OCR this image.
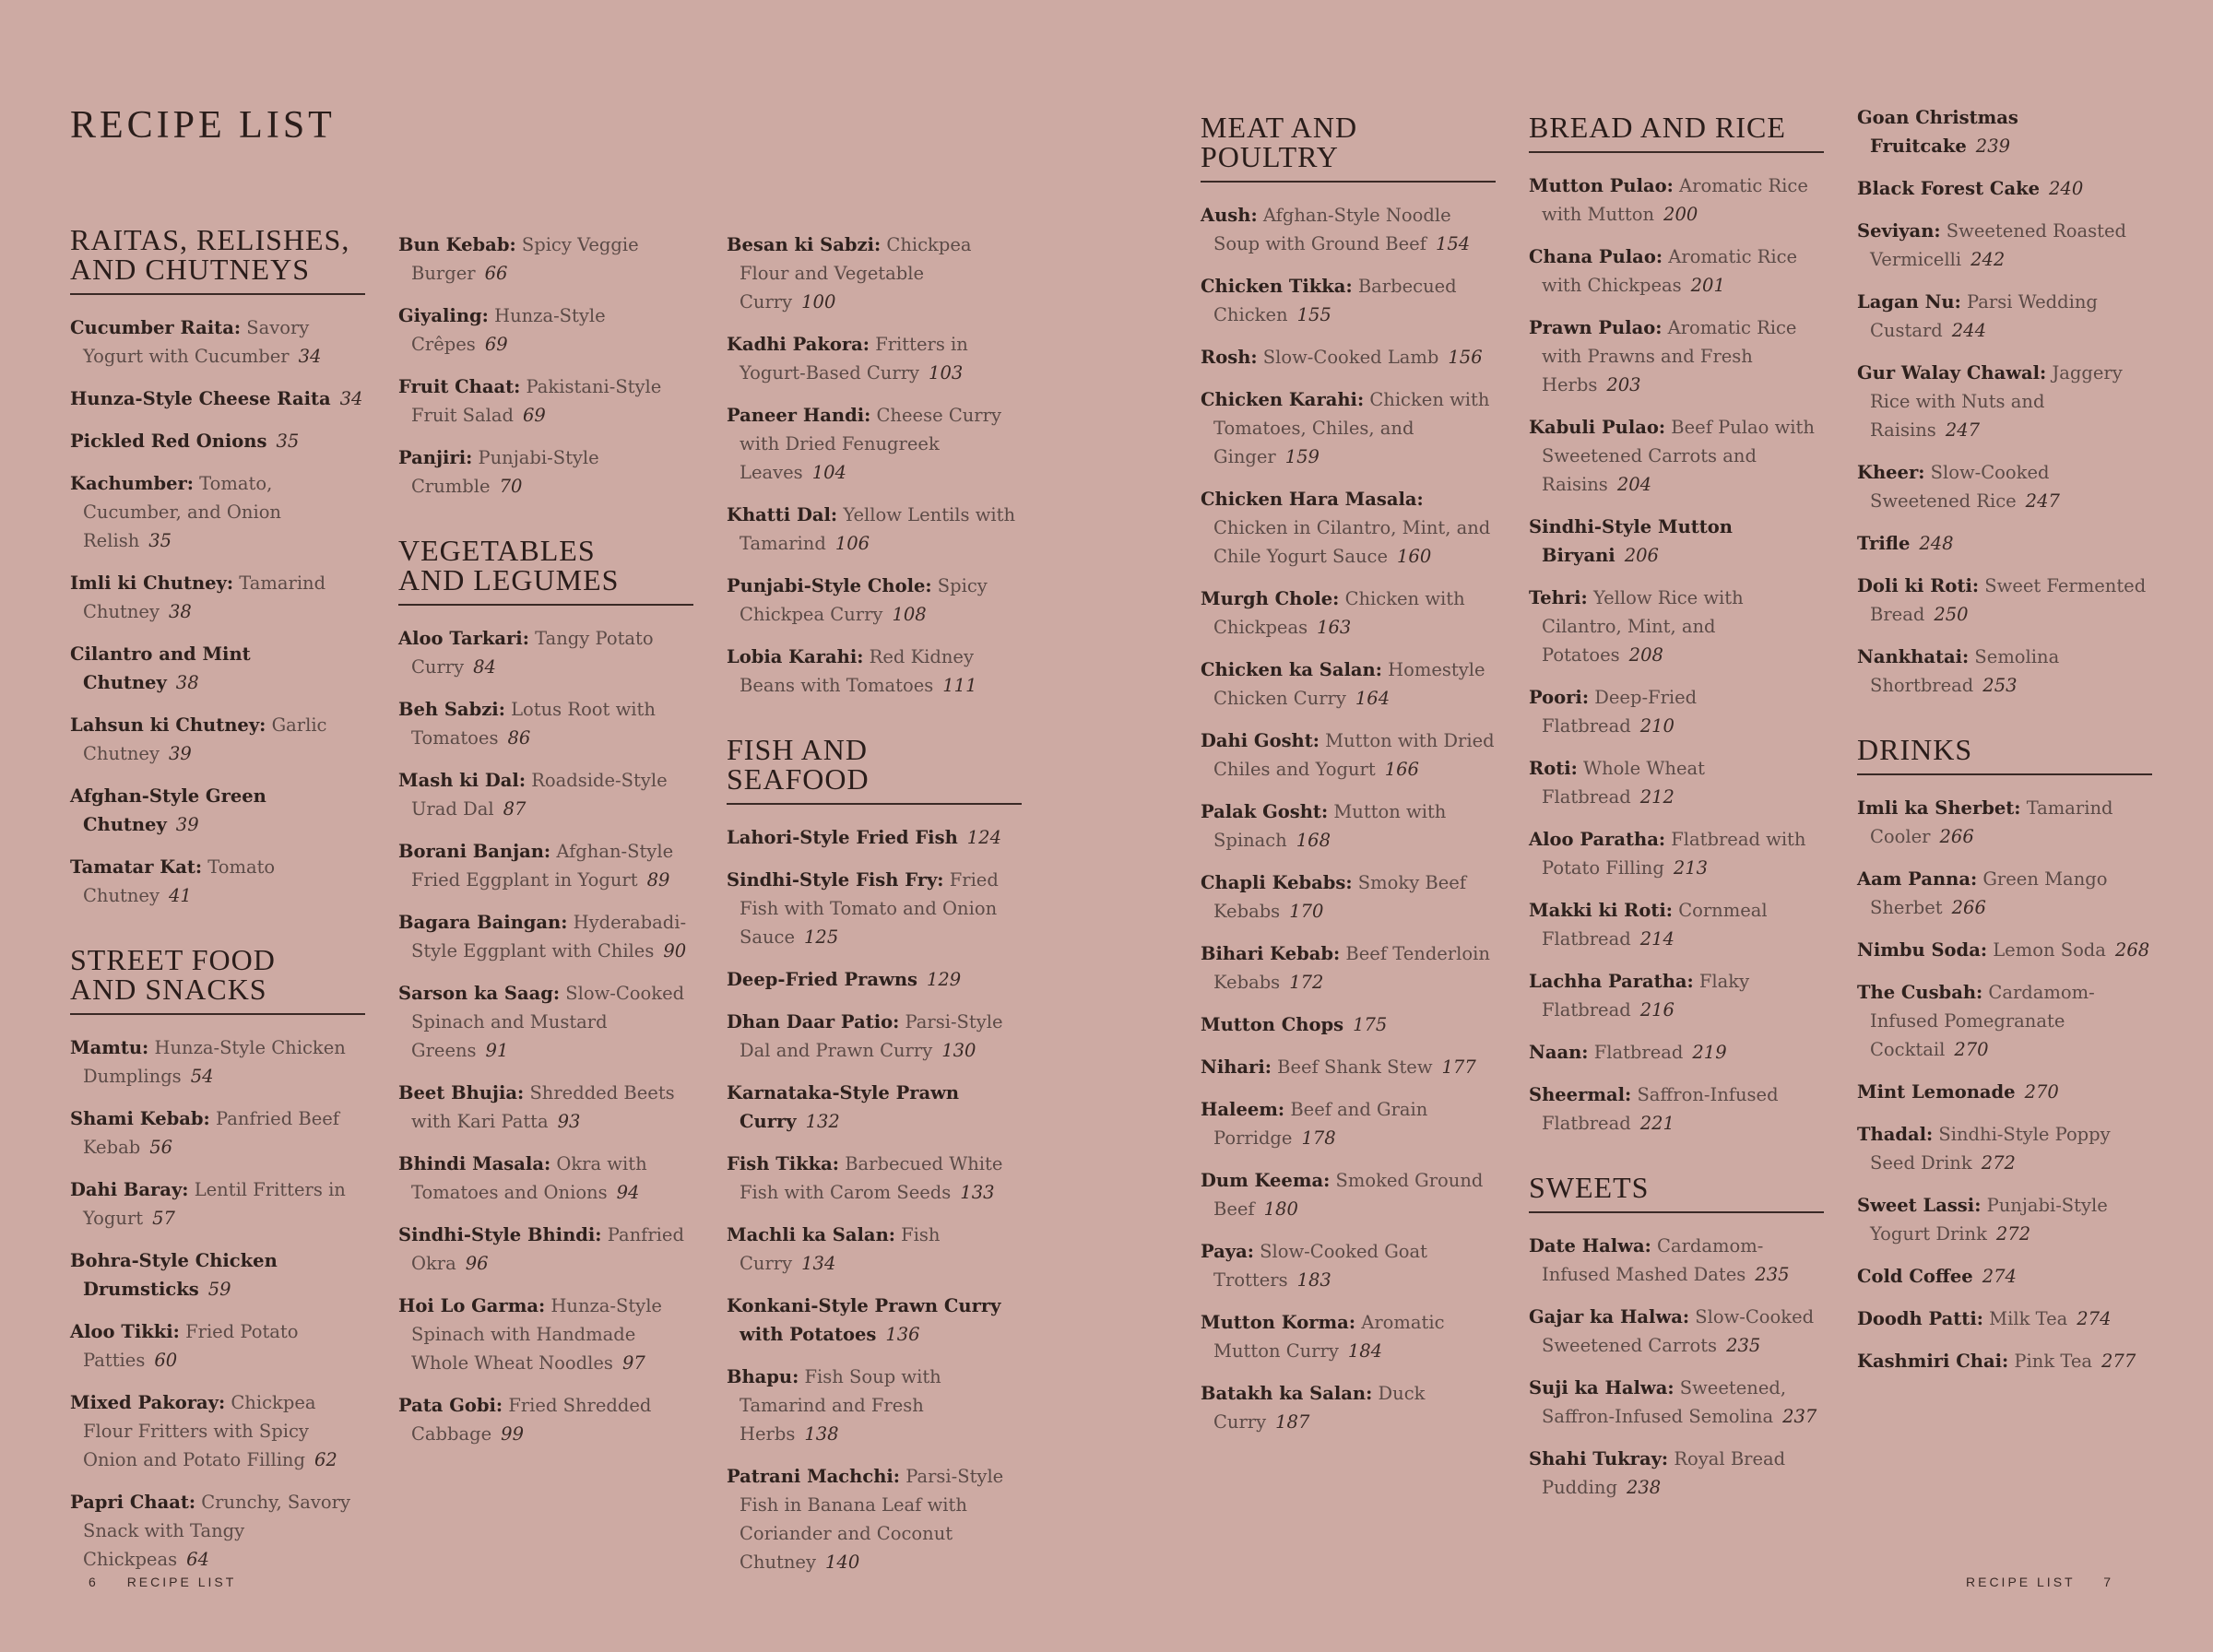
RECIPE LIST
RAITAS, RELISHES,
AND CHUTNEYS
Cucumber Raita: Savory Yogurt with Cucumber 34
Hunza-Style Cheese Raita 34
Pickled Red Onions 35
Kachumber: Tomato, Cucumber, and Onion Relish 35
Imli ki Chutney: Tamarind Chutney 38
Cilantro and Mint Chutney 38
Lahsun ki Chutney: Garlic Chutney 39
Afghan-Style Green Chutney 39
Tamatar Kat: Tomato Chutney 41
STREET FOOD
AND SNACKS
Mamtu: Hunza-Style Chicken Dumplings 54
Shami Kebab: Panfried Beef Kebab 56
Dahi Baray: Lentil Fritters in Yogurt 57
Bohra-Style Chicken Drumsticks 59
Aloo Tikki: Fried Potato Patties 60
Mixed Pakoray: Chickpea Flour Fritters with Spicy Onion and Potato Filling 62
Papri Chaat: Crunchy, Savory Snack with Tangy Chickpeas 64
Bun Kebab: Spicy Veggie Burger 66
Giyaling: Hunza-Style Crêpes 69
Fruit Chaat: Pakistani-Style Fruit Salad 69
Panjiri: Punjabi-Style Crumble 70
VEGETABLES
AND LEGUMES
Aloo Tarkari: Tangy Potato Curry 84
Beh Sabzi: Lotus Root with Tomatoes 86
Mash ki Dal: Roadside-Style Urad Dal 87
Borani Banjan: Afghan-Style Fried Eggplant in Yogurt 89
Bagara Baingan: Hyderabadi-Style Eggplant with Chiles 90
Sarson ka Saag: Slow-Cooked Spinach and Mustard Greens 91
Beet Bhujia: Shredded Beets with Kari Patta 93
Bhindi Masala: Okra with Tomatoes and Onions 94
Sindhi-Style Bhindi: Panfried Okra 96
Hoi Lo Garma: Hunza-Style Spinach with Handmade Whole Wheat Noodles 97
Pata Gobi: Fried Shredded Cabbage 99
Besan ki Sabzi: Chickpea Flour and Vegetable Curry 100
Kadhi Pakora: Fritters in Yogurt-Based Curry 103
Paneer Handi: Cheese Curry with Dried Fenugreek Leaves 104
Khatti Dal: Yellow Lentils with Tamarind 106
Punjabi-Style Chole: Spicy Chickpea Curry 108
Lobia Karahi: Red Kidney Beans with Tomatoes 111
FISH AND
SEAFOOD
Lahori-Style Fried Fish 124
Sindhi-Style Fish Fry: Fried Fish with Tomato and Onion Sauce 125
Deep-Fried Prawns 129
Dhan Daar Patio: Parsi-Style Dal and Prawn Curry 130
Karnataka-Style Prawn Curry 132
Fish Tikka: Barbecued White Fish with Carom Seeds 133
Machli ka Salan: Fish Curry 134
Konkani-Style Prawn Curry with Potatoes 136
Bhapu: Fish Soup with Tamarind and Fresh Herbs 138
Patrani Machchi: Parsi-Style Fish in Banana Leaf with Coriander and Coconut Chutney 140
MEAT AND
POULTRY
Aush: Afghan-Style Noodle Soup with Ground Beef 154
Chicken Tikka: Barbecued Chicken 155
Rosh: Slow-Cooked Lamb 156
Chicken Karahi: Chicken with Tomatoes, Chiles, and Ginger 159
Chicken Hara Masala: Chicken in Cilantro, Mint, and Chile Yogurt Sauce 160
Murgh Chole: Chicken with Chickpeas 163
Chicken ka Salan: Homestyle Chicken Curry 164
Dahi Gosht: Mutton with Dried Chiles and Yogurt 166
Palak Gosht: Mutton with Spinach 168
Chapli Kebabs: Smoky Beef Kebabs 170
Bihari Kebab: Beef Tenderloin Kebabs 172
Mutton Chops 175
Nihari: Beef Shank Stew 177
Haleem: Beef and Grain Porridge 178
Dum Keema: Smoked Ground Beef 180
Paya: Slow-Cooked Goat Trotters 183
Mutton Korma: Aromatic Mutton Curry 184
Batakh ka Salan: Duck Curry 187
BREAD AND RICE
Mutton Pulao: Aromatic Rice with Mutton 200
Chana Pulao: Aromatic Rice with Chickpeas 201
Prawn Pulao: Aromatic Rice with Prawns and Fresh Herbs 203
Kabuli Pulao: Beef Pulao with Sweetened Carrots and Raisins 204
Sindhi-Style Mutton Biryani 206
Tehri: Yellow Rice with Cilantro, Mint, and Potatoes 208
Poori: Deep-Fried Flatbread 210
Roti: Whole Wheat Flatbread 212
Aloo Paratha: Flatbread with Potato Filling 213
Makki ki Roti: Cornmeal Flatbread 214
Lachha Paratha: Flaky Flatbread 216
Naan: Flatbread 219
Sheermal: Saffron-Infused Flatbread 221
SWEETS
Date Halwa: Cardamom-Infused Mashed Dates 235
Gajar ka Halwa: Slow-Cooked Sweetened Carrots 235
Suji ka Halwa: Sweetened, Saffron-Infused Semolina 237
Shahi Tukray: Royal Bread Pudding 238
Goan Christmas Fruitcake 239
Black Forest Cake 240
Seviyan: Sweetened Roasted Vermicelli 242
Lagan Nu: Parsi Wedding Custard 244
Gur Walay Chawal: Jaggery Rice with Nuts and Raisins 247
Kheer: Slow-Cooked Sweetened Rice 247
Trifle 248
Doli ki Roti: Sweet Fermented Bread 250
Nankhatai: Semolina Shortbread 253
DRINKS
Imli ka Sherbet: Tamarind Cooler 266
Aam Panna: Green Mango Sherbet 266
Nimbu Soda: Lemon Soda 268
The Cusbah: Cardamom-Infused Pomegranate Cocktail 270
Mint Lemonade 270
Thadal: Sindhi-Style Poppy Seed Drink 272
Sweet Lassi: Punjabi-Style Yogurt Drink 272
Cold Coffee 274
Doodh Patti: Milk Tea 274
Kashmiri Chai: Pink Tea 277
6 RECIPE LIST	RECIPE LIST 7
